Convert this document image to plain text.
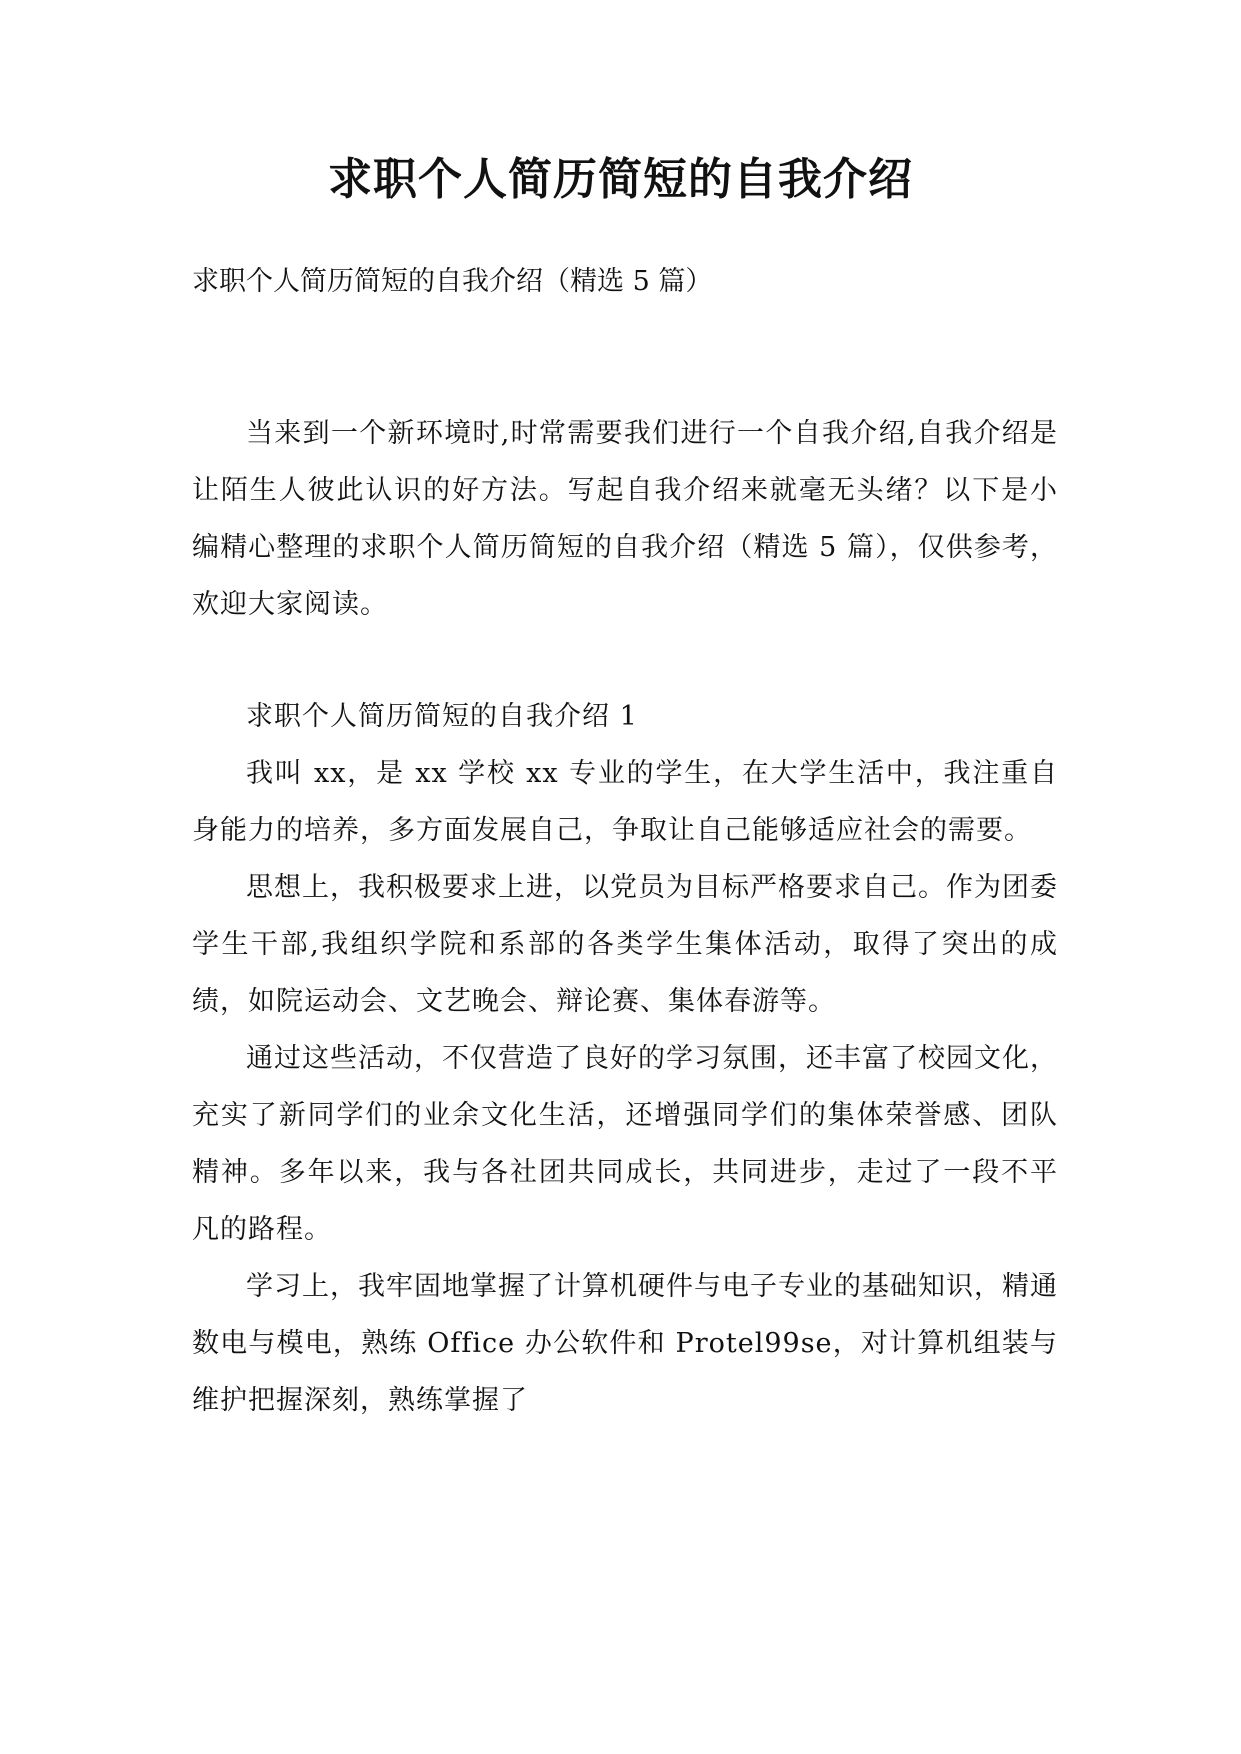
求职个人简历简短的自我介绍

求职个人简历简短的自我介绍（精选 5 篇）

当来到一个新环境时,时常需要我们进行一个自我介绍,自我介绍是让陌生人彼此认识的好方法。写起自我介绍来就毫无头绪？以下是小编精心整理的求职个人简历简短的自我介绍（精选 5 篇），仅供参考，欢迎大家阅读。

求职个人简历简短的自我介绍 1

我叫 xx，是 xx 学校 xx 专业的学生，在大学生活中，我注重自身能力的培养，多方面发展自己，争取让自己能够适应社会的需要。

思想上，我积极要求上进，以党员为目标严格要求自己。作为团委学生干部,我组织学院和系部的各类学生集体活动，取得了突出的成绩，如院运动会、文艺晚会、辩论赛、集体春游等。

通过这些活动，不仅营造了良好的学习氛围，还丰富了校园文化，充实了新同学们的业余文化生活，还增强同学们的集体荣誉感、团队精神。多年以来，我与各社团共同成长，共同进步，走过了一段不平凡的路程。

学习上，我牢固地掌握了计算机硬件与电子专业的基础知识，精通数电与模电，熟练 Office 办公软件和 Protel99se，对计算机组装与维护把握深刻，熟练掌握了
